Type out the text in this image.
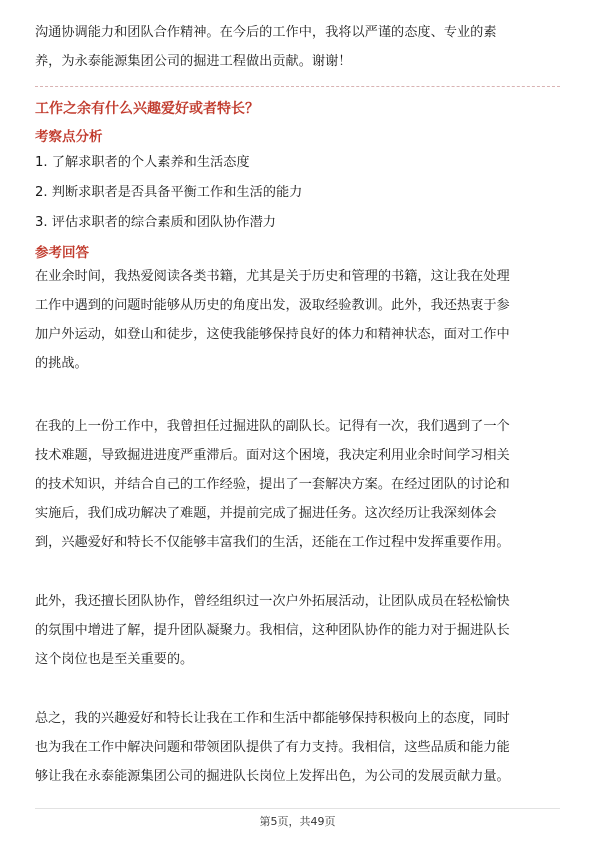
沟通协调能力和团队合作精神。在今后的工作中，我将以严谨的态度、专业的素
养，为永泰能源集团公司的掘进工程做出贡献。谢谢！
工作之余有什么兴趣爱好或者特长？
考察点分析
1. 了解求职者的个人素养和生活态度
2. 判断求职者是否具备平衡工作和生活的能力
3. 评估求职者的综合素质和团队协作潜力
参考回答
在业余时间，我热爱阅读各类书籍，尤其是关于历史和管理的书籍，这让我在处理
工作中遇到的问题时能够从历史的角度出发，汲取经验教训。此外，我还热衷于参
加户外运动，如登山和徒步，这使我能够保持良好的体力和精神状态，面对工作中
的挑战。
在我的上一份工作中，我曾担任过掘进队的副队长。记得有一次，我们遇到了一个
技术难题，导致掘进进度严重滞后。面对这个困境，我决定利用业余时间学习相关
的技术知识，并结合自己的工作经验，提出了一套解决方案。在经过团队的讨论和
实施后，我们成功解决了难题，并提前完成了掘进任务。这次经历让我深刻体会
到，兴趣爱好和特长不仅能够丰富我们的生活，还能在工作过程中发挥重要作用。
此外，我还擅长团队协作，曾经组织过一次户外拓展活动，让团队成员在轻松愉快
的氛围中增进了解，提升团队凝聚力。我相信，这种团队协作的能力对于掘进队长
这个岗位也是至关重要的。
总之，我的兴趣爱好和特长让我在工作和生活中都能够保持积极向上的态度，同时
也为我在工作中解决问题和带领团队提供了有力支持。我相信，这些品质和能力能
够让我在永泰能源集团公司的掘进队长岗位上发挥出色，为公司的发展贡献力量。
第5页，共49页
